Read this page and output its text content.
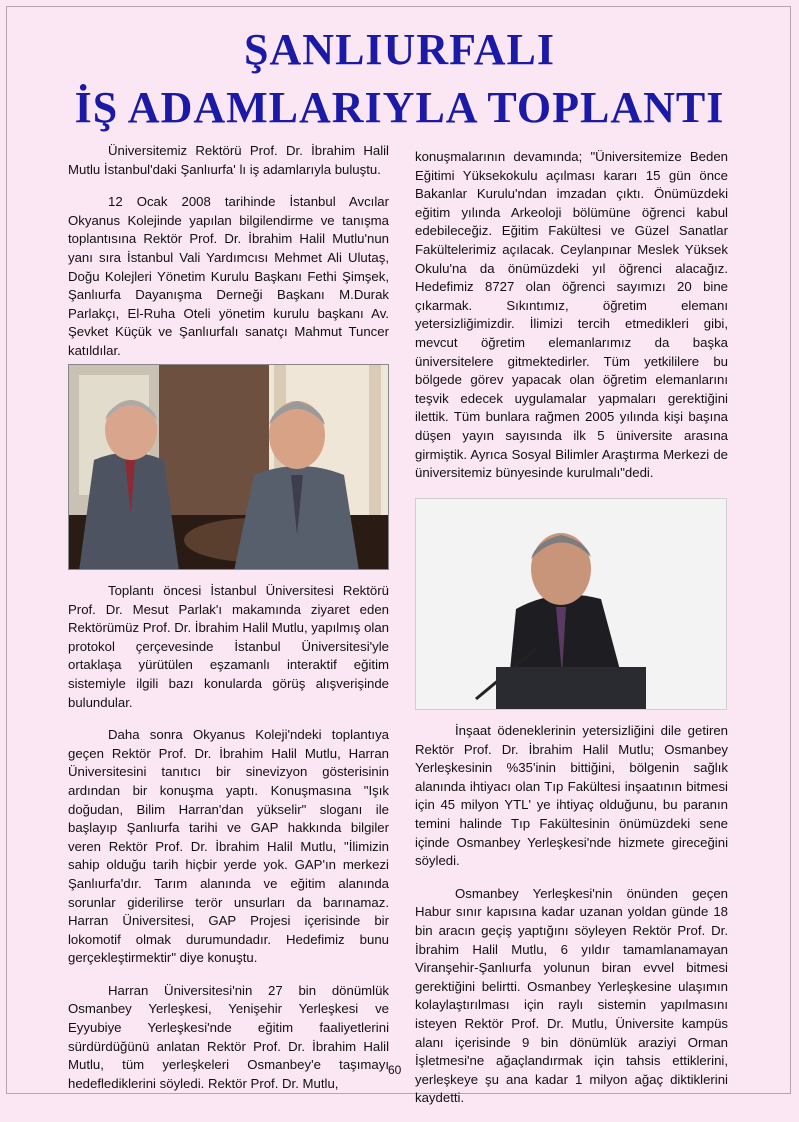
ŞANLIURFALI
İŞ ADAMLARIYLA TOPLANTI

Üniversitemiz Rektörü Prof. Dr. İbrahim Halil Mutlu İstanbul'daki Şanlıurfa' lı iş adamlarıyla buluştu.

12 Ocak 2008 tarihinde İstanbul Avcılar Okyanus Kolejinde yapılan bilgilendirme ve tanışma toplantısına Rektör Prof. Dr. İbrahim Halil Mutlu'nun yanı sıra İstanbul Vali Yardımcısı Mehmet Ali Ulutaş, Doğu Kolejleri Yönetim Kurulu Başkanı Fethi Şimşek, Şanlıurfa Dayanışma Derneği Başkanı M.Durak Parlakçı, El-Ruha Oteli yönetim kurulu başkanı Av. Şevket Küçük ve Şanlıurfalı sanatçı Mahmut Tuncer katıldılar.

Toplantı öncesi İstanbul Üniversitesi Rektörü Prof. Dr. Mesut Parlak'ı makamında ziyaret eden Rektörümüz Prof. Dr. İbrahim Halil Mutlu, yapılmış olan protokol çerçevesinde İstanbul Üniversitesi'yle ortaklaşa yürütülen eşzamanlı interaktif eğitim sistemiyle ilgili bazı konularda görüş alışverişinde bulundular.

Daha sonra Okyanus Koleji'ndeki toplantıya geçen Rektör Prof. Dr. İbrahim Halil Mutlu, Harran Üniversitesini tanıtıcı bir sinevizyon gösterisinin ardından bir konuşma yaptı. Konuşmasına "Işık doğudan, Bilim Harran'dan yükselir" sloganı ile başlayıp Şanlıurfa tarihi ve GAP hakkında bilgiler veren Rektör Prof. Dr. İbrahim Halil Mutlu, "İlimizin sahip olduğu tarih hiçbir yerde yok. GAP'ın merkezi Şanlıurfa'dır. Tarım alanında ve eğitim alanında sorunlar giderilirse terör unsurları da barınamaz. Harran Üniversitesi, GAP Projesi içerisinde bir lokomotif olmak durumundadır. Hedefimiz bunu gerçekleştirmektir" diye konuştu.

Harran Üniversitesi'nin 27 bin dönümlük Osmanbey Yerleşkesi, Yenişehir Yerleşkesi ve Eyyubiye Yerleşkesi'nde eğitim faaliyetlerini sürdürdüğünü anlatan Rektör Prof. Dr. İbrahim Halil Mutlu, tüm yerleşkeleri Osmanbey'e taşımayı hedeflediklerini söyledi. Rektör Prof. Dr. Mutlu,

konuşmalarının devamında; "Üniversitemize Beden Eğitimi Yüksekokulu açılması kararı 15 gün önce Bakanlar Kurulu'ndan imzadan çıktı. Önümüzdeki eğitim yılında Arkeoloji bölümüne öğrenci kabul edebileceğiz. Eğitim Fakültesi ve Güzel Sanatlar Fakültelerimiz açılacak. Ceylanpınar Meslek Yüksek Okulu'na da önümüzdeki yıl öğrenci alacağız. Hedefimiz 8727 olan öğrenci sayımızı 20 bine çıkarmak. Sıkıntımız, öğretim elemanı yetersizliğimizdir. İlimizi tercih etmedikleri gibi, mevcut öğretim elemanlarımız da başka üniversitelere gitmektedirler. Tüm yetkililere bu bölgede görev yapacak olan öğretim elemanlarını teşvik edecek uygulamalar yapmaları gerektiğini ilettik. Tüm bunlara rağmen 2005 yılında kişi başına düşen yayın sayısında ilk 5 üniversite arasına girmiştik. Ayrıca Sosyal Bilimler Araştırma Merkezi de üniversitemiz bünyesinde kurulmalı"dedi.

İnşaat ödeneklerinin yetersizliğini dile getiren Rektör Prof. Dr. İbrahim Halil Mutlu; Osmanbey Yerleşkesinin %35'inin bittiğini, bölgenin sağlık alanında ihtiyacı olan Tıp Fakültesi inşaatının bitmesi için 45 milyon YTL' ye ihtiyaç olduğunu, bu paranın temini halinde Tıp Fakültesinin önümüzdeki sene içinde Osmanbey Yerleşkesi'nde hizmete gireceğini söyledi.

Osmanbey Yerleşkesi'nin önünden geçen Habur sınır kapısına kadar uzanan yoldan günde 18 bin aracın geçiş yaptığını söyleyen Rektör Prof. Dr. İbrahim Halil Mutlu, 6 yıldır tamamlanamayan Viranşehir-Şanlıurfa yolunun biran evvel bitmesi gerektiğini belirtti. Osmanbey Yerleşkesine ulaşımın kolaylaştırılması için raylı sistemin yapılmasını isteyen Rektör Prof. Dr. Mutlu, Üniversite kampüs alanı içerisinde 9 bin dönümlük araziyi Orman İşletmesi'ne ağaçlandırmak için tahsis ettiklerini, yerleşkeye şu ana kadar 1 milyon ağaç diktiklerini kaydetti.

60
